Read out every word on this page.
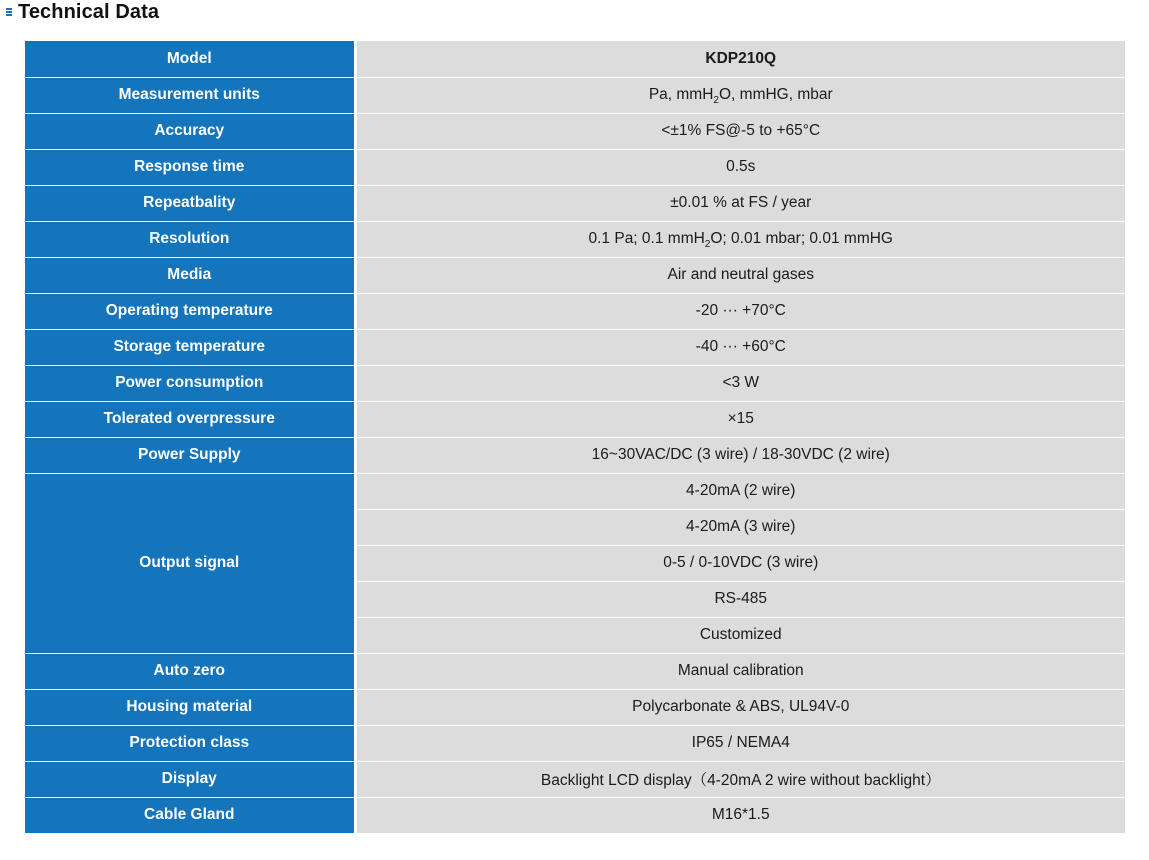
Technical Data
Model	KDP210Q
Measurement units	Pa, mmH$_2$O, mmHG, mbar
Accuracy	<±1% FS@-5 to +65°C
Response time	0.5s
Repeatbality	±0.01 % at FS / year
Resolution	0.1 Pa; 0.1 mmH$_2$O; 0.01 mbar; 0.01 mmHG
Media	Air and neutral gases
Operating temperature	-20 ··· +70°C
Storage temperature	-40 ··· +60°C
Power consumption	<3 W
Tolerated overpressure	×15
Power Supply	16~30VAC/DC (3 wire) / 18-30VDC (2 wire)
Output signal	4-20mA (2 wire)
	4-20mA (3 wire)
	0-5 / 0-10VDC (3 wire)
	RS-485
	Customized
Auto zero	Manual calibration
Housing material	Polycarbonate & ABS, UL94V-0
Protection class	IP65 / NEMA4
Display	Backlight LCD display（4-20mA 2 wire without backlight）
Cable Gland	M16*1.5
